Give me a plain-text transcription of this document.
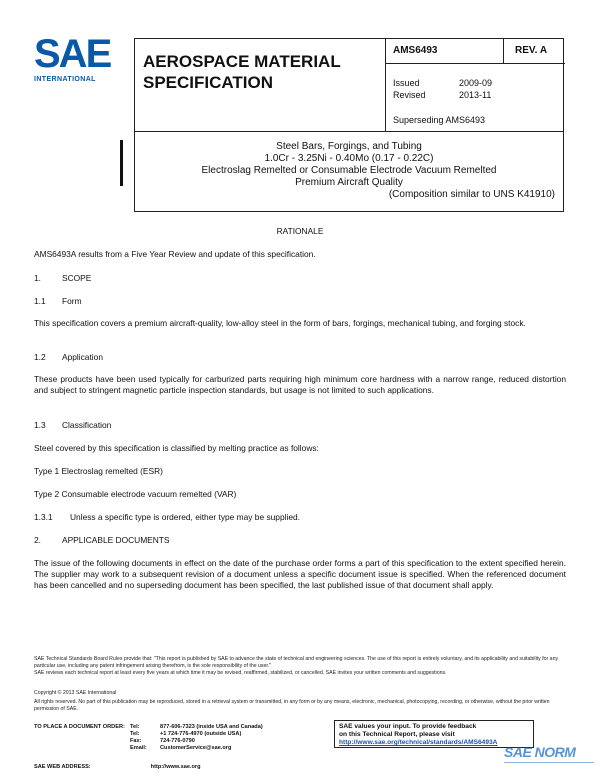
SAE
INTERNATIONAL
AEROSPACE MATERIAL SPECIFICATION
AMS6493	REV. A
Issued	2009-09
Revised	2013-11
Superseding AMS6493
Steel Bars, Forgings, and Tubing
1.0Cr - 3.25Ni - 0.40Mo (0.17 - 0.22C)
Electroslag Remelted or Consumable Electrode Vacuum Remelted
Premium Aircraft Quality
(Composition similar to UNS K41910)
RATIONALE
AMS6493A results from a Five Year Review and update of this specification.
1.	SCOPE
1.1 Form
This specification covers a premium aircraft-quality, low-alloy steel in the form of bars, forgings, mechanical tubing, and forging stock.
1.2 Application
These products have been used typically for carburized parts requiring high minimum core hardness with a narrow range, reduced distortion and subject to stringent magnetic particle inspection standards, but usage is not limited to such applications.
1.3 Classification
Steel covered by this specification is classified by melting practice as follows:
Type 1 Electroslag remelted (ESR)
Type 2 Consumable electrode vacuum remelted (VAR)
1.3.1 Unless a specific type is ordered, either type may be supplied.
2.	APPLICABLE DOCUMENTS
The issue of the following documents in effect on the date of the purchase order forms a part of this specification to the extent specified herein. The supplier may work to a subsequent revision of a document unless a specific document issue is specified. When the referenced document has been cancelled and no superseding document has been specified, the last published issue of that document shall apply.
SAE Technical Standards Board Rules provide that: "This report is published by SAE to advance the state of technical and engineering sciences. The use of this report is entirely voluntary, and its applicability and suitability for any particular use, including any patent infringement arising therefrom, is the sole responsibility of the user."
SAE reviews each technical report at least every five years at which time it may be revised, reaffirmed, stabilized, or cancelled. SAE invites your written comments and suggestions.
Copyright © 2013 SAE International
All rights reserved. No part of this publication may be reproduced, stored in a retrieval system or transmitted, in any form or by any means, electronic, mechanical, photocopying, recording, or otherwise, without the prior written permission of SAE.
TO PLACE A DOCUMENT ORDER:	Tel:	877-606-7323 (inside USA and Canada)
	Tel:	+1 724-776-4970 (outside USA)
	Fax:	724-776-0790
	Email:	CustomerService@sae.org
SAE WEB ADDRESS:	http://www.sae.org
SAE values your input. To provide feedback
on this Technical Report, please visit
http://www.sae.org/technical/standards/AMS6493A
SAE NORM
